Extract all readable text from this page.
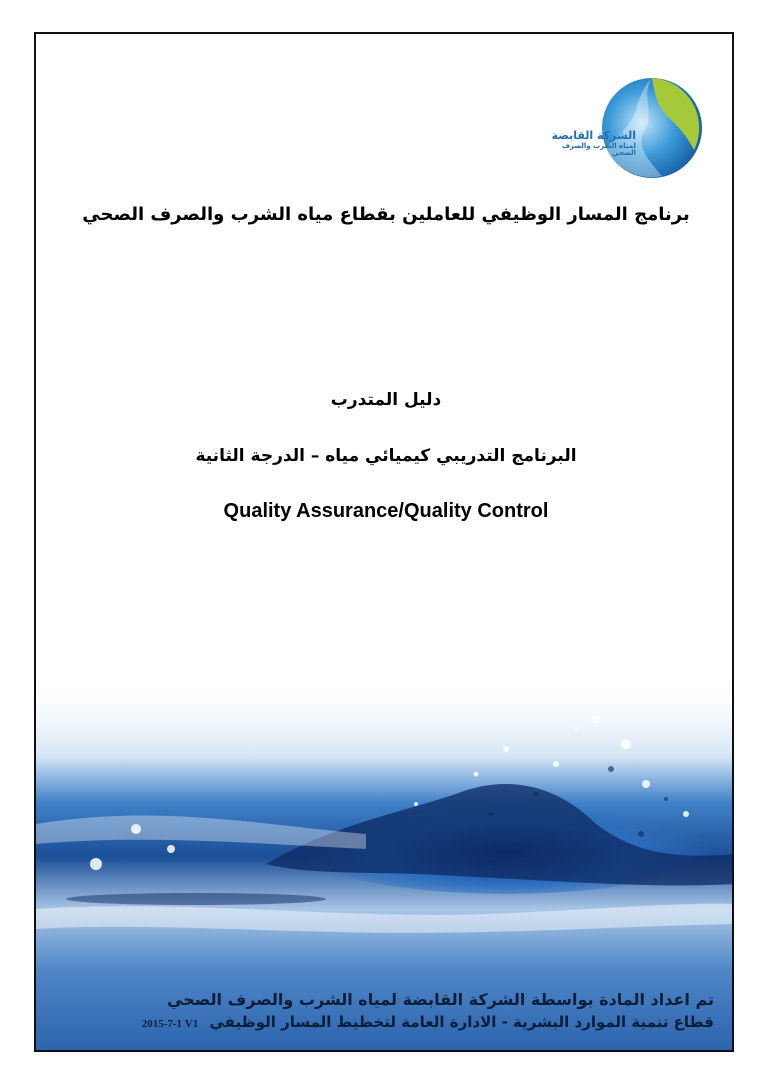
الشركة القابضة
لمياه الشرب والصرف الصحي
برنامج المسار الوظيفي للعاملين بقطاع مياه الشرب والصرف الصحي
دليل المتدرب
البرنامج التدريبي كيميائي مياه – الدرجة الثانية
Quality Assurance/Quality Control
تم اعداد المادة بواسطة الشركة القابضة لمياه الشرب والصرف الصحي
قطاع تنمية الموارد البشرية - الادارة العامة لتخطيط المسار الوظيفي 2015-7-1 V1
